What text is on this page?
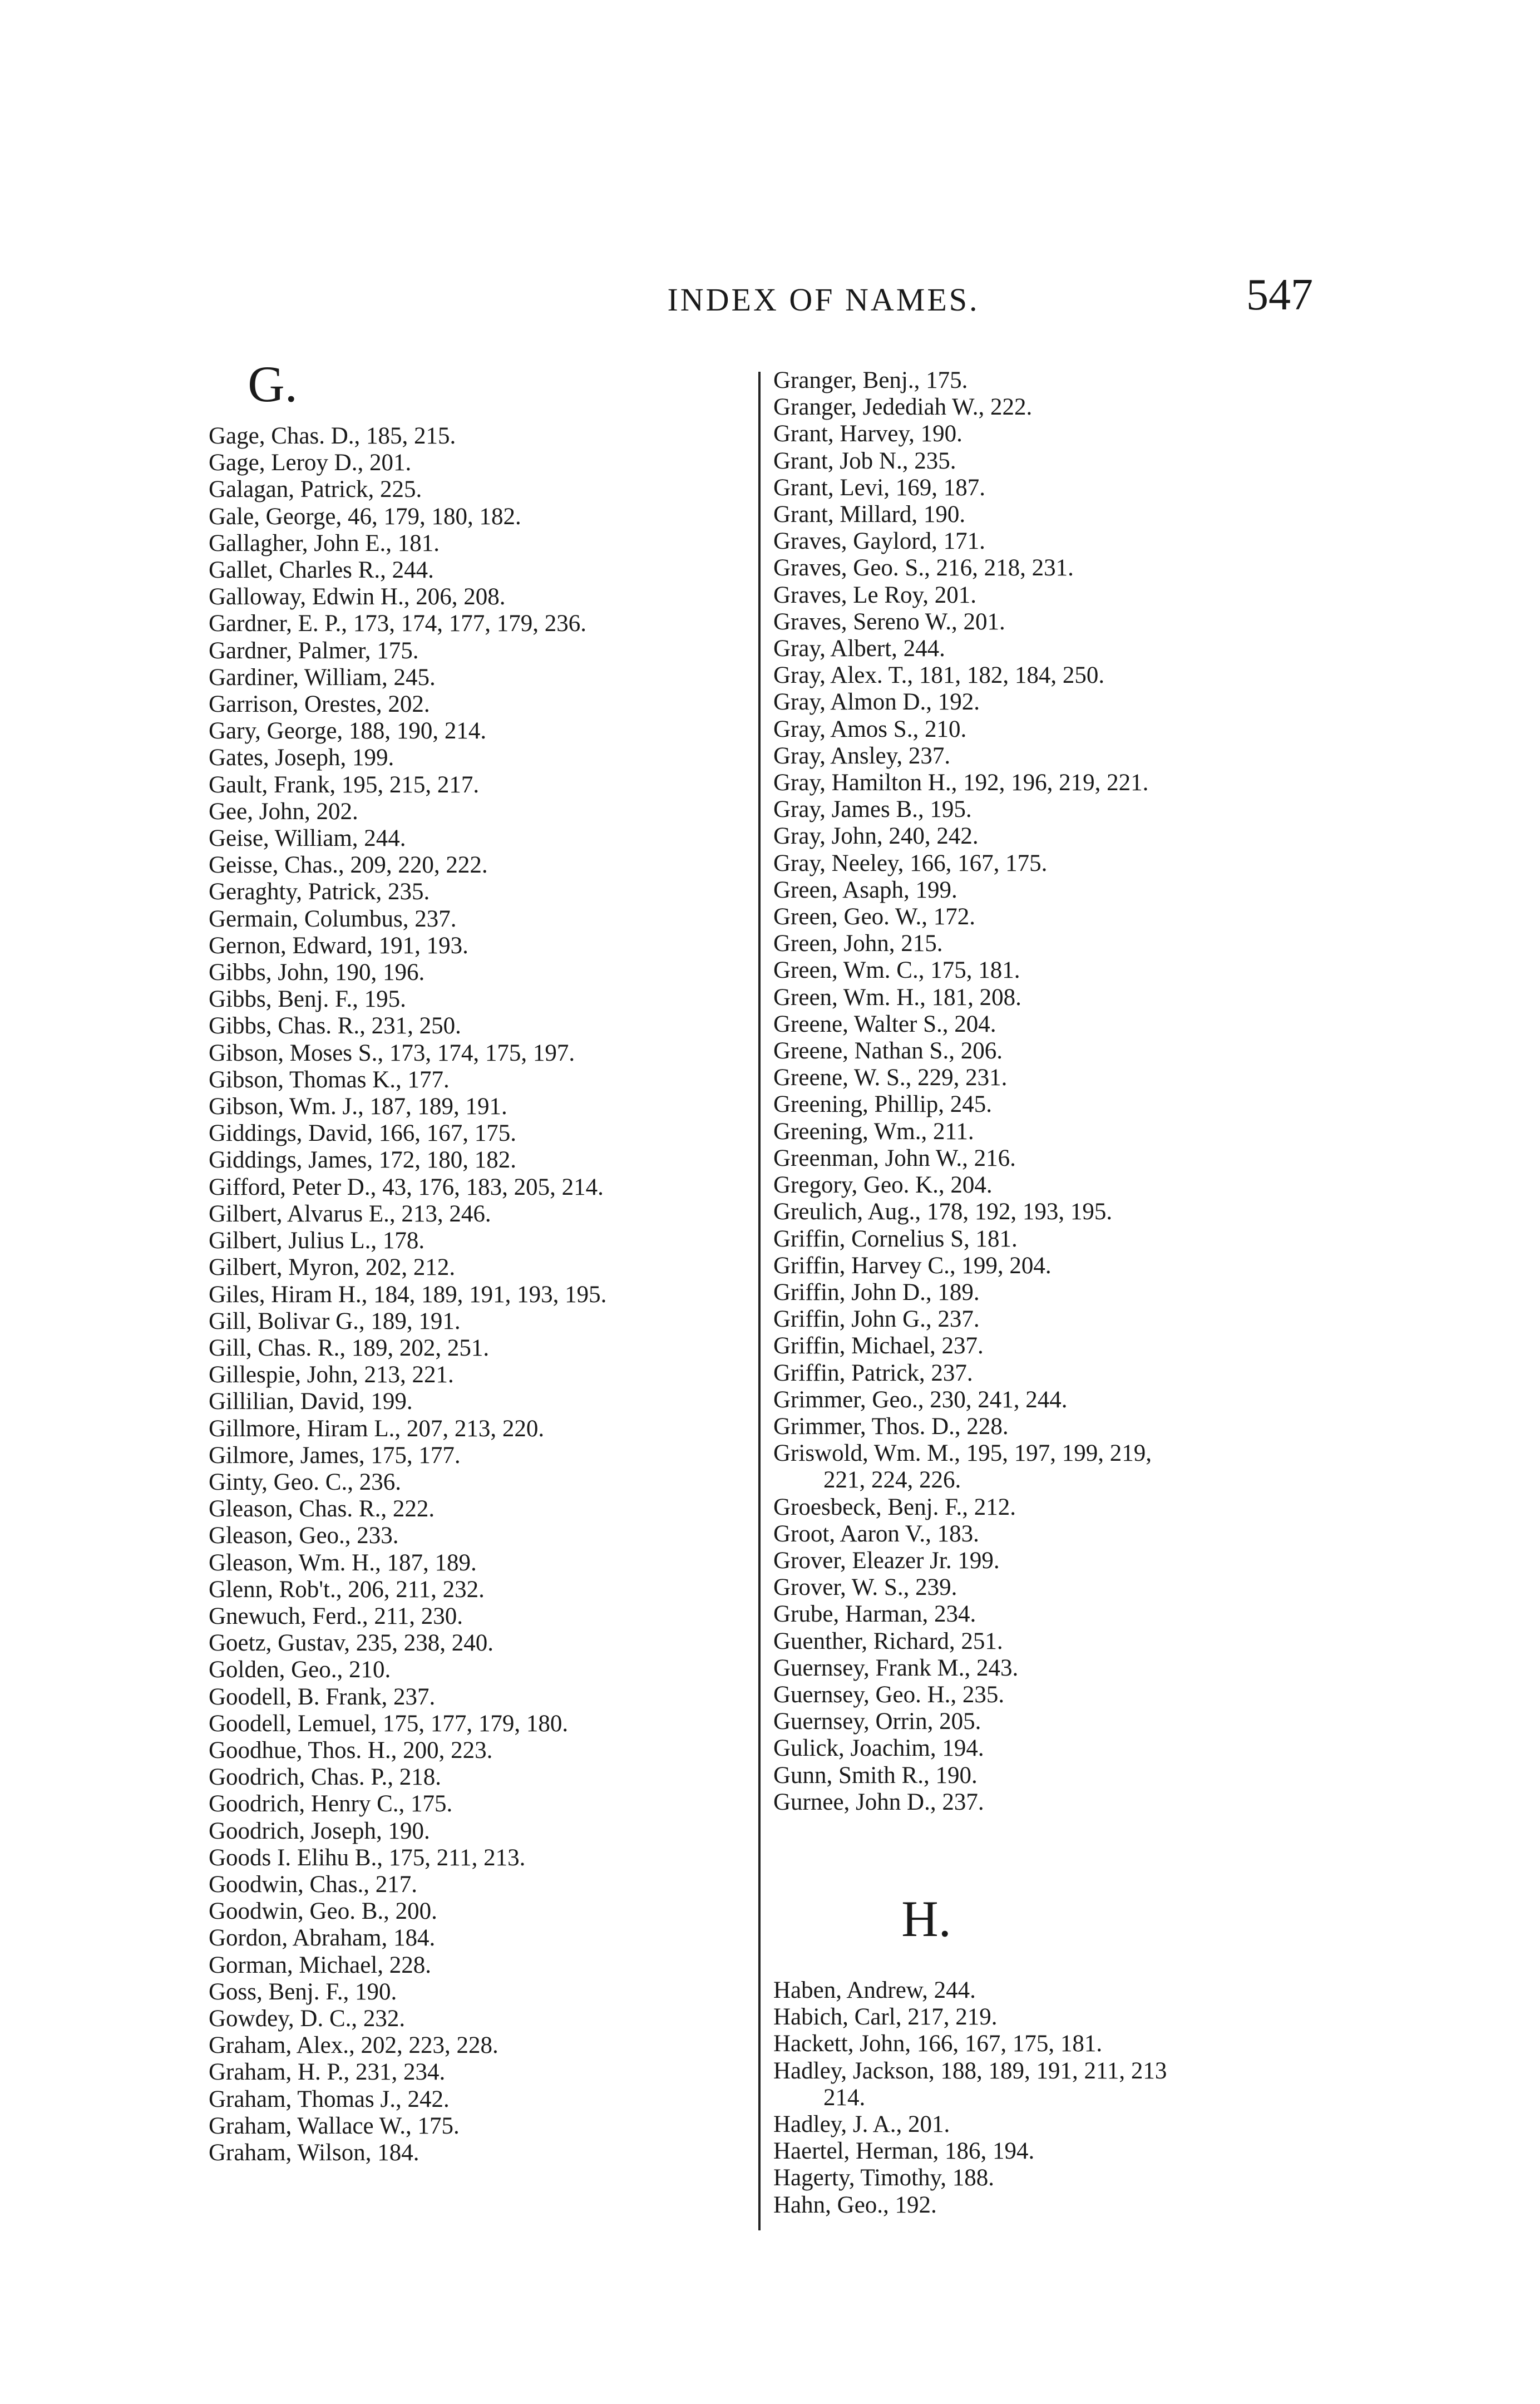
INDEX OF NAMES.	547
G.
Gage, Chas. D., 185, 215.
Gage, Leroy D., 201.
Galagan, Patrick, 225.
Gale, George, 46, 179, 180, 182.
Gallagher, John E., 181.
Gallet, Charles R., 244.
Galloway, Edwin H., 206, 208.
Gardner, E. P., 173, 174, 177, 179, 236.
Gardner, Palmer, 175.
Gardiner, William, 245.
Garrison, Orestes, 202.
Gary, George, 188, 190, 214.
Gates, Joseph, 199.
Gault, Frank, 195, 215, 217.
Gee, John, 202.
Geise, William, 244.
Geisse, Chas., 209, 220, 222.
Geraghty, Patrick, 235.
Germain, Columbus, 237.
Gernon, Edward, 191, 193.
Gibbs, John, 190, 196.
Gibbs, Benj. F., 195.
Gibbs, Chas. R., 231, 250.
Gibson, Moses S., 173, 174, 175, 197.
Gibson, Thomas K., 177.
Gibson, Wm. J., 187, 189, 191.
Giddings, David, 166, 167, 175.
Giddings, James, 172, 180, 182.
Gifford, Peter D., 43, 176, 183, 205, 214.
Gilbert, Alvarus E., 213, 246.
Gilbert, Julius L., 178.
Gilbert, Myron, 202, 212.
Giles, Hiram H., 184, 189, 191, 193, 195.
Gill, Bolivar G., 189, 191.
Gill, Chas. R., 189, 202, 251.
Gillespie, John, 213, 221.
Gillilian, David, 199.
Gillmore, Hiram L., 207, 213, 220.
Gilmore, James, 175, 177.
Ginty, Geo. C., 236.
Gleason, Chas. R., 222.
Gleason, Geo., 233.
Gleason, Wm. H., 187, 189.
Glenn, Rob't., 206, 211, 232.
Gnewuch, Ferd., 211, 230.
Goetz, Gustav, 235, 238, 240.
Golden, Geo., 210.
Goodell, B. Frank, 237.
Goodell, Lemuel, 175, 177, 179, 180.
Goodhue, Thos. H., 200, 223.
Goodrich, Chas. P., 218.
Goodrich, Henry C., 175.
Goodrich, Joseph, 190.
Goods I. Elihu B., 175, 211, 213.
Goodwin, Chas., 217.
Goodwin, Geo. B., 200.
Gordon, Abraham, 184.
Gorman, Michael, 228.
Goss, Benj. F., 190.
Gowdey, D. C., 232.
Graham, Alex., 202, 223, 228.
Graham, H. P., 231, 234.
Graham, Thomas J., 242.
Graham, Wallace W., 175.
Graham, Wilson, 184.
Granger, Benj., 175.
Granger, Jedediah W., 222.
Grant, Harvey, 190.
Grant, Job N., 235.
Grant, Levi, 169, 187.
Grant, Millard, 190.
Graves, Gaylord, 171.
Graves, Geo. S., 216, 218, 231.
Graves, Le Roy, 201.
Graves, Sereno W., 201.
Gray, Albert, 244.
Gray, Alex. T., 181, 182, 184, 250.
Gray, Almon D., 192.
Gray, Amos S., 210.
Gray, Ansley, 237.
Gray, Hamilton H., 192, 196, 219, 221.
Gray, James B., 195.
Gray, John, 240, 242.
Gray, Neeley, 166, 167, 175.
Green, Asaph, 199.
Green, Geo. W., 172.
Green, John, 215.
Green, Wm. C., 175, 181.
Green, Wm. H., 181, 208.
Greene, Walter S., 204.
Greene, Nathan S., 206.
Greene, W. S., 229, 231.
Greening, Phillip, 245.
Greening, Wm., 211.
Greenman, John W., 216.
Gregory, Geo. K., 204.
Greulich, Aug., 178, 192, 193, 195.
Griffin, Cornelius S, 181.
Griffin, Harvey C., 199, 204.
Griffin, John D., 189.
Griffin, John G., 237.
Griffin, Michael, 237.
Griffin, Patrick, 237.
Grimmer, Geo., 230, 241, 244.
Grimmer, Thos. D., 228.
Griswold, Wm. M., 195, 197, 199, 219,
221, 224, 226.
Groesbeck, Benj. F., 212.
Groot, Aaron V., 183.
Grover, Eleazer Jr. 199.
Grover, W. S., 239.
Grube, Harman, 234.
Guenther, Richard, 251.
Guernsey, Frank M., 243.
Guernsey, Geo. H., 235.
Guernsey, Orrin, 205.
Gulick, Joachim, 194.
Gunn, Smith R., 190.
Gurnee, John D., 237.
H.
Haben, Andrew, 244.
Habich, Carl, 217, 219.
Hackett, John, 166, 167, 175, 181.
Hadley, Jackson, 188, 189, 191, 211, 213
214.
Hadley, J. A., 201.
Haertel, Herman, 186, 194.
Hagerty, Timothy, 188.
Hahn, Geo., 192.
